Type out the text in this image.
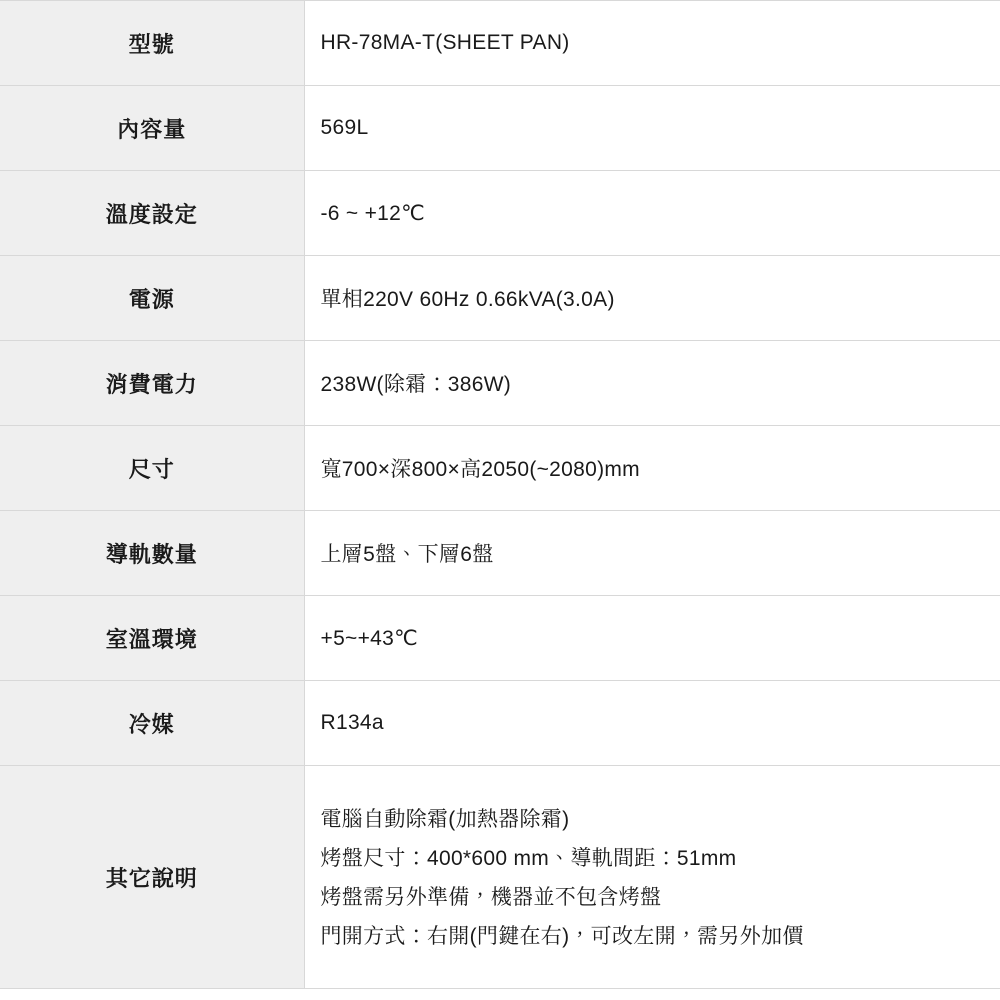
型號	HR-78MA-T(SHEET PAN)
內容量	569L
溫度設定	-6 ~ +12℃
電源	單相220V 60Hz 0.66kVA(3.0A)
消費電力	238W(除霜：386W)
尺寸	寬700×深800×高2050(~2080)mm
導軌數量	上層5盤、下層6盤
室溫環境	+5~+43℃
冷媒	R134a
其它說明	電腦自動除霜(加熱器除霜)
烤盤尺寸：400*600 mm、導軌間距：51mm
烤盤需另外準備，機器並不包含烤盤
門開方式：右開(門鍵在右)，可改左開，需另外加價
